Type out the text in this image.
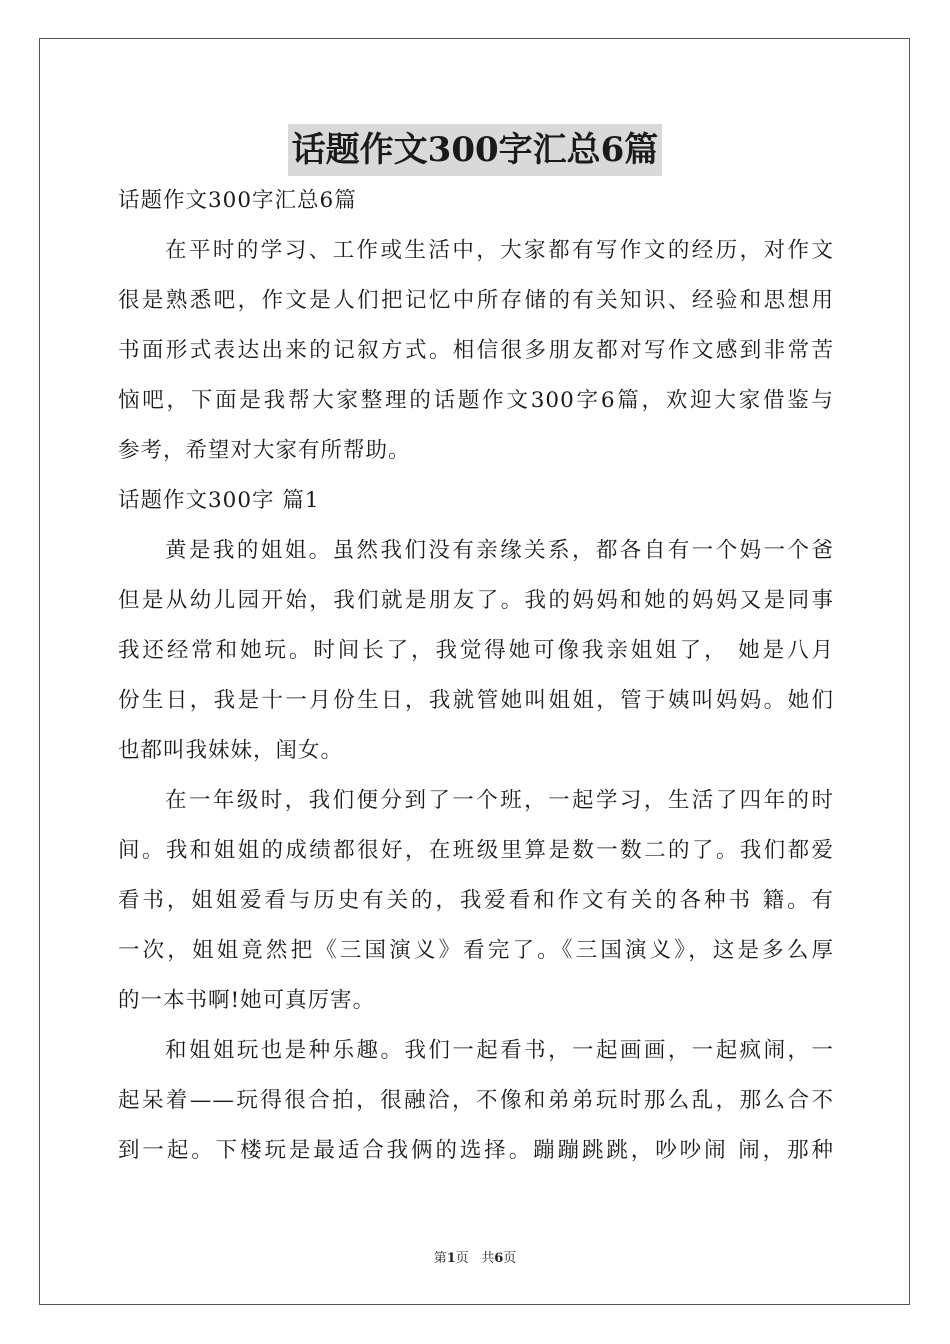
话题作文300字汇总6篇
话题作文300字汇总6篇
在平时的学习、工作或生活中，大家都有写作文的经历，对作文
很是熟悉吧，作文是人们把记忆中所存储的有关知识、经验和思想用
书面形式表达出来的记叙方式。相信很多朋友都对写作文感到非常苦
恼吧，下面是我帮大家整理的话题作文300字6篇，欢迎大家借鉴与
参考，希望对大家有所帮助。
话题作文300字 篇1
黄是我的姐姐。虽然我们没有亲缘关系，都各自有一个妈一个爸
但是从幼儿园开始，我们就是朋友了。我的妈妈和她的妈妈又是同事
我还经常和她玩。时间长了，我觉得她可像我亲姐姐了， 她是八月
份生日，我是十一月份生日，我就管她叫姐姐，管于姨叫妈妈。她们
也都叫我妹妹，闺女。
在一年级时，我们便分到了一个班，一起学习，生活了四年的时
间。我和姐姐的成绩都很好，在班级里算是数一数二的了。我们都爱
看书，姐姐爱看与历史有关的，我爱看和作文有关的各种书 籍。有
一次，姐姐竟然把《三国演义》看完了。《三国演义》，这是多么厚
的一本书啊!她可真厉害。
和姐姐玩也是种乐趣。我们一起看书，一起画画，一起疯闹，一
起呆着——玩得很合拍，很融洽，不像和弟弟玩时那么乱，那么合不
到一起。下楼玩是最适合我俩的选择。蹦蹦跳跳，吵吵闹 闹，那种
第1页 共6页
